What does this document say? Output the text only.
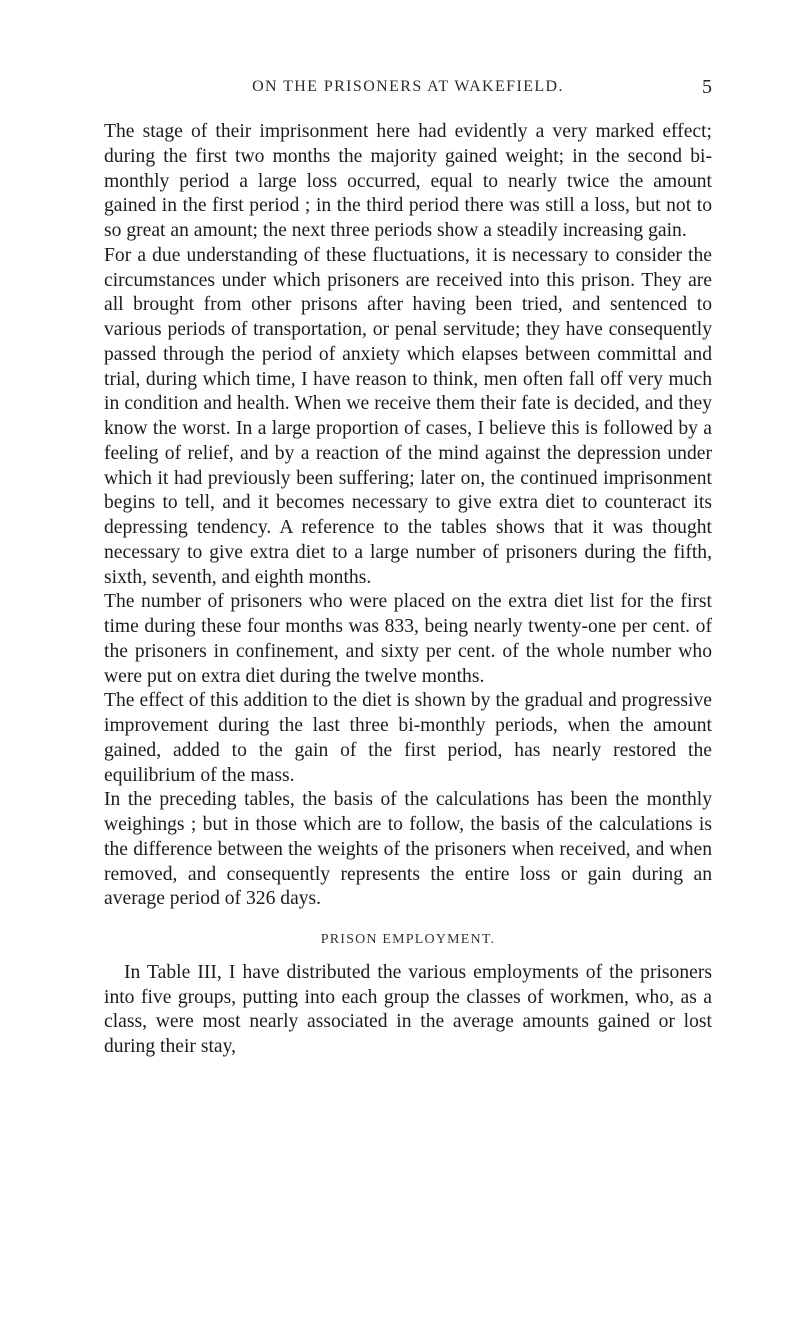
ON THE PRISONERS AT WAKEFIELD.	5

The stage of their imprisonment here had evidently a very marked effect; during the first two months the majority gained weight; in the second bi-monthly period a large loss occurred, equal to nearly twice the amount gained in the first period ; in the third period there was still a loss, but not to so great an amount; the next three periods show a steadily increasing gain.

For a due understanding of these fluctuations, it is necessary to consider the circumstances under which prisoners are received into this prison. They are all brought from other prisons after having been tried, and sentenced to various periods of transportation, or penal servitude; they have consequently passed through the period of anxiety which elapses between committal and trial, during which time, I have reason to think, men often fall off very much in condition and health. When we receive them their fate is decided, and they know the worst. In a large proportion of cases, I believe this is followed by a feeling of relief, and by a reaction of the mind against the depression under which it had previously been suffering; later on, the continued imprisonment begins to tell, and it becomes necessary to give extra diet to counteract its depressing tendency. A reference to the tables shows that it was thought necessary to give extra diet to a large number of prisoners during the fifth, sixth, seventh, and eighth months.

The number of prisoners who were placed on the extra diet list for the first time during these four months was 833, being nearly twenty-one per cent. of the prisoners in confinement, and sixty per cent. of the whole number who were put on extra diet during the twelve months.

The effect of this addition to the diet is shown by the gradual and progressive improvement during the last three bi-monthly periods, when the amount gained, added to the gain of the first period, has nearly restored the equilibrium of the mass.

In the preceding tables, the basis of the calculations has been the monthly weighings ; but in those which are to follow, the basis of the calculations is the difference between the weights of the prisoners when received, and when removed, and consequently represents the entire loss or gain during an average period of 326 days.

PRISON EMPLOYMENT.

In Table III, I have distributed the various employments of the prisoners into five groups, putting into each group the classes of workmen, who, as a class, were most nearly associated in the average amounts gained or lost during their stay,
